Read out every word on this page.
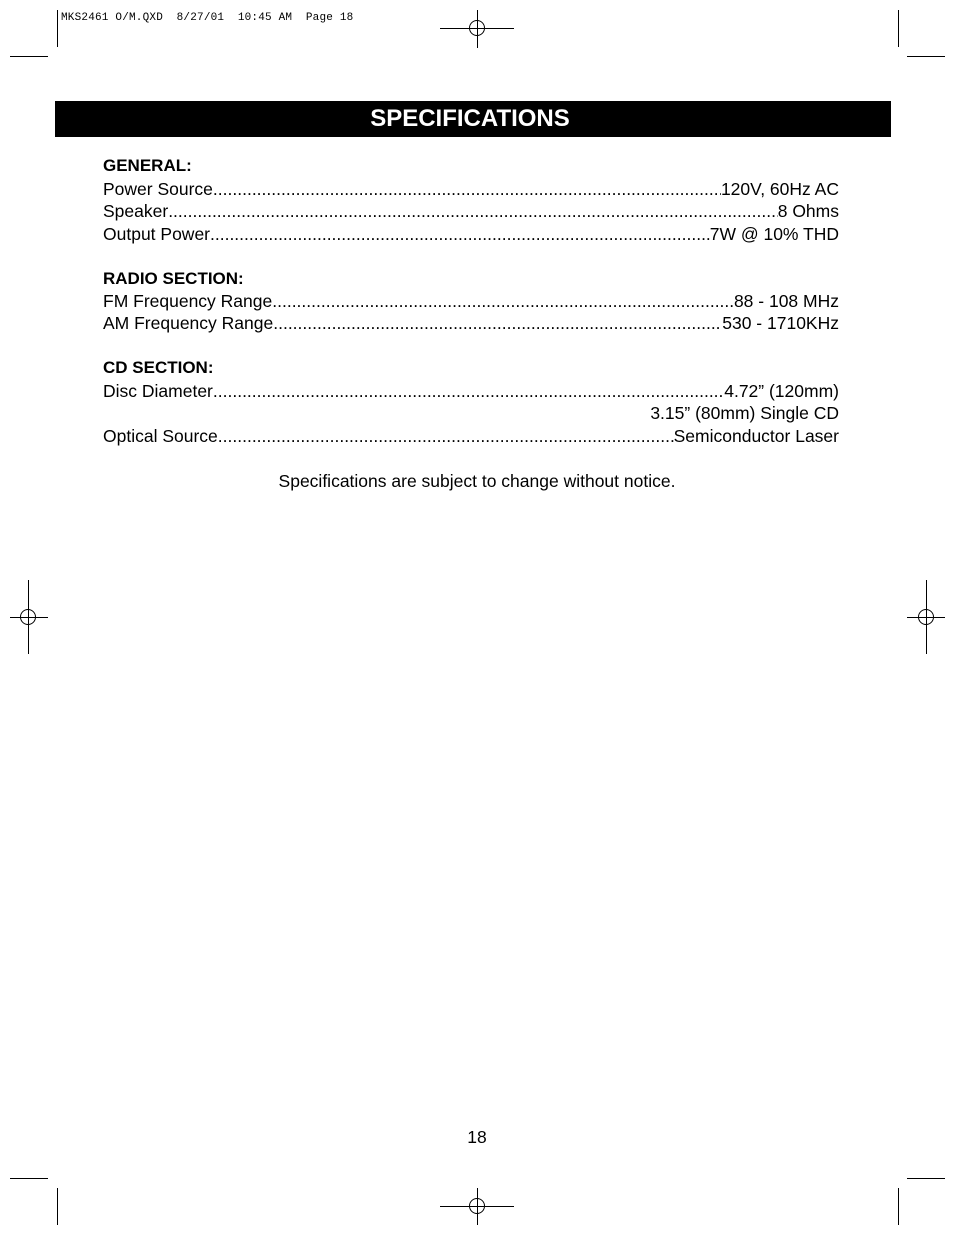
MKS2461 O/M.QXD  8/27/01  10:45 AM  Page 18
SPECIFICATIONS
GENERAL:
Power Source .....	120V, 60Hz AC
Speaker .....	8 Ohms
Output Power .....	7W @ 10% THD
RADIO SECTION:
FM Frequency Range .....	88 - 108 MHz
AM Frequency Range .....	530 - 1710KHz
CD SECTION:
Disc Diameter .....	4.72” (120mm)
3.15” (80mm) Single CD
Optical Source .....	Semiconductor Laser
Specifications are subject to change without notice.
18
